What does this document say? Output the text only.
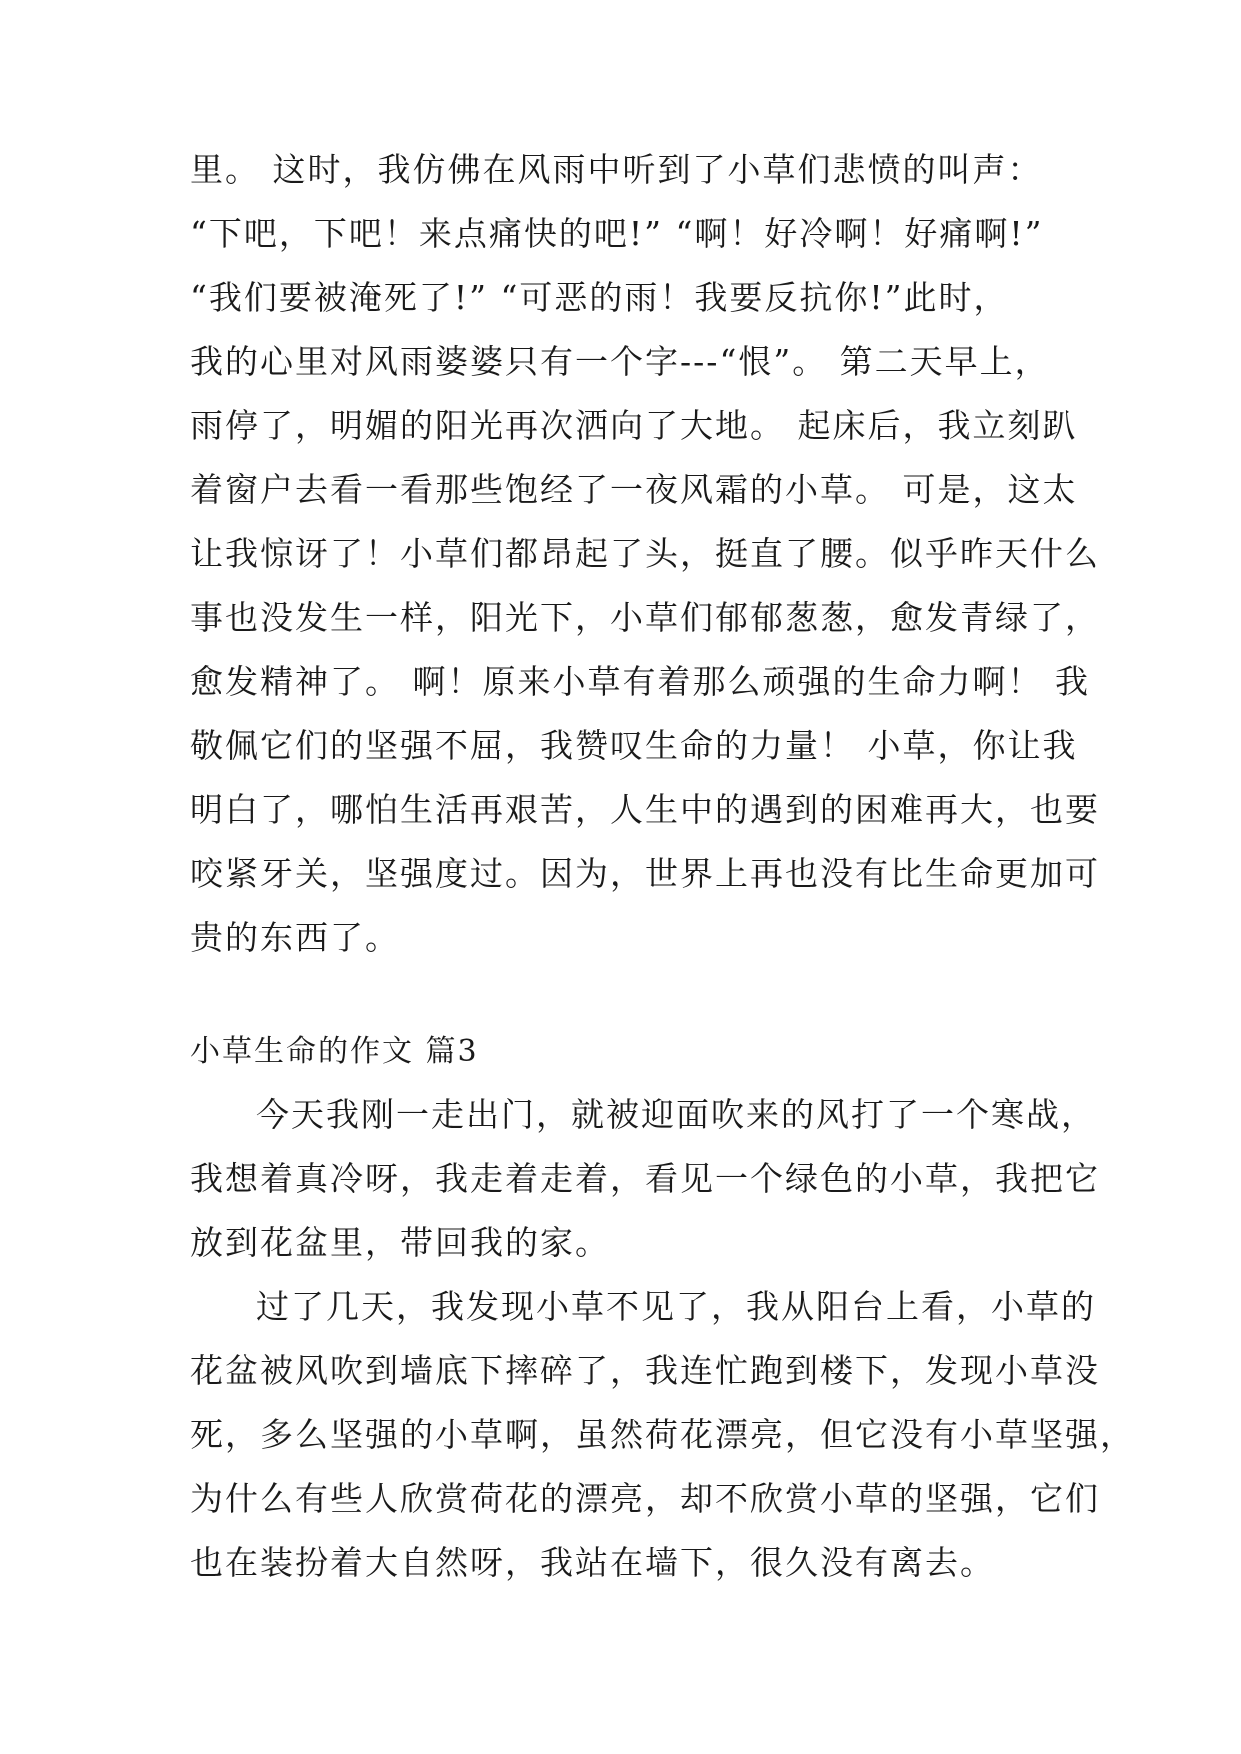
里。 这时，我仿佛在风雨中听到了小草们悲愤的叫声：
“下吧，下吧！来点痛快的吧!” “啊！好冷啊！好痛啊!”
“我们要被淹死了!” “可恶的雨！我要反抗你!”此时，
我的心里对风雨婆婆只有一个字---“恨”。 第二天早上，
雨停了，明媚的阳光再次洒向了大地。 起床后，我立刻趴
着窗户去看一看那些饱经了一夜风霜的小草。 可是，这太
让我惊讶了！小草们都昂起了头，挺直了腰。似乎昨天什么
事也没发生一样，阳光下，小草们郁郁葱葱，愈发青绿了，
愈发精神了。 啊！原来小草有着那么顽强的生命力啊！ 我
敬佩它们的坚强不屈，我赞叹生命的力量！ 小草，你让我
明白了，哪怕生活再艰苦，人生中的遇到的困难再大，也要
咬紧牙关，坚强度过。因为，世界上再也没有比生命更加可
贵的东西了。
小草生命的作文 篇3
今天我刚一走出门，就被迎面吹来的风打了一个寒战，
我想着真冷呀，我走着走着，看见一个绿色的小草，我把它
放到花盆里，带回我的家。
过了几天，我发现小草不见了，我从阳台上看，小草的
花盆被风吹到墙底下摔碎了，我连忙跑到楼下，发现小草没
死，多么坚强的小草啊，虽然荷花漂亮，但它没有小草坚强，
为什么有些人欣赏荷花的漂亮，却不欣赏小草的坚强，它们
也在装扮着大自然呀，我站在墙下，很久没有离去。
